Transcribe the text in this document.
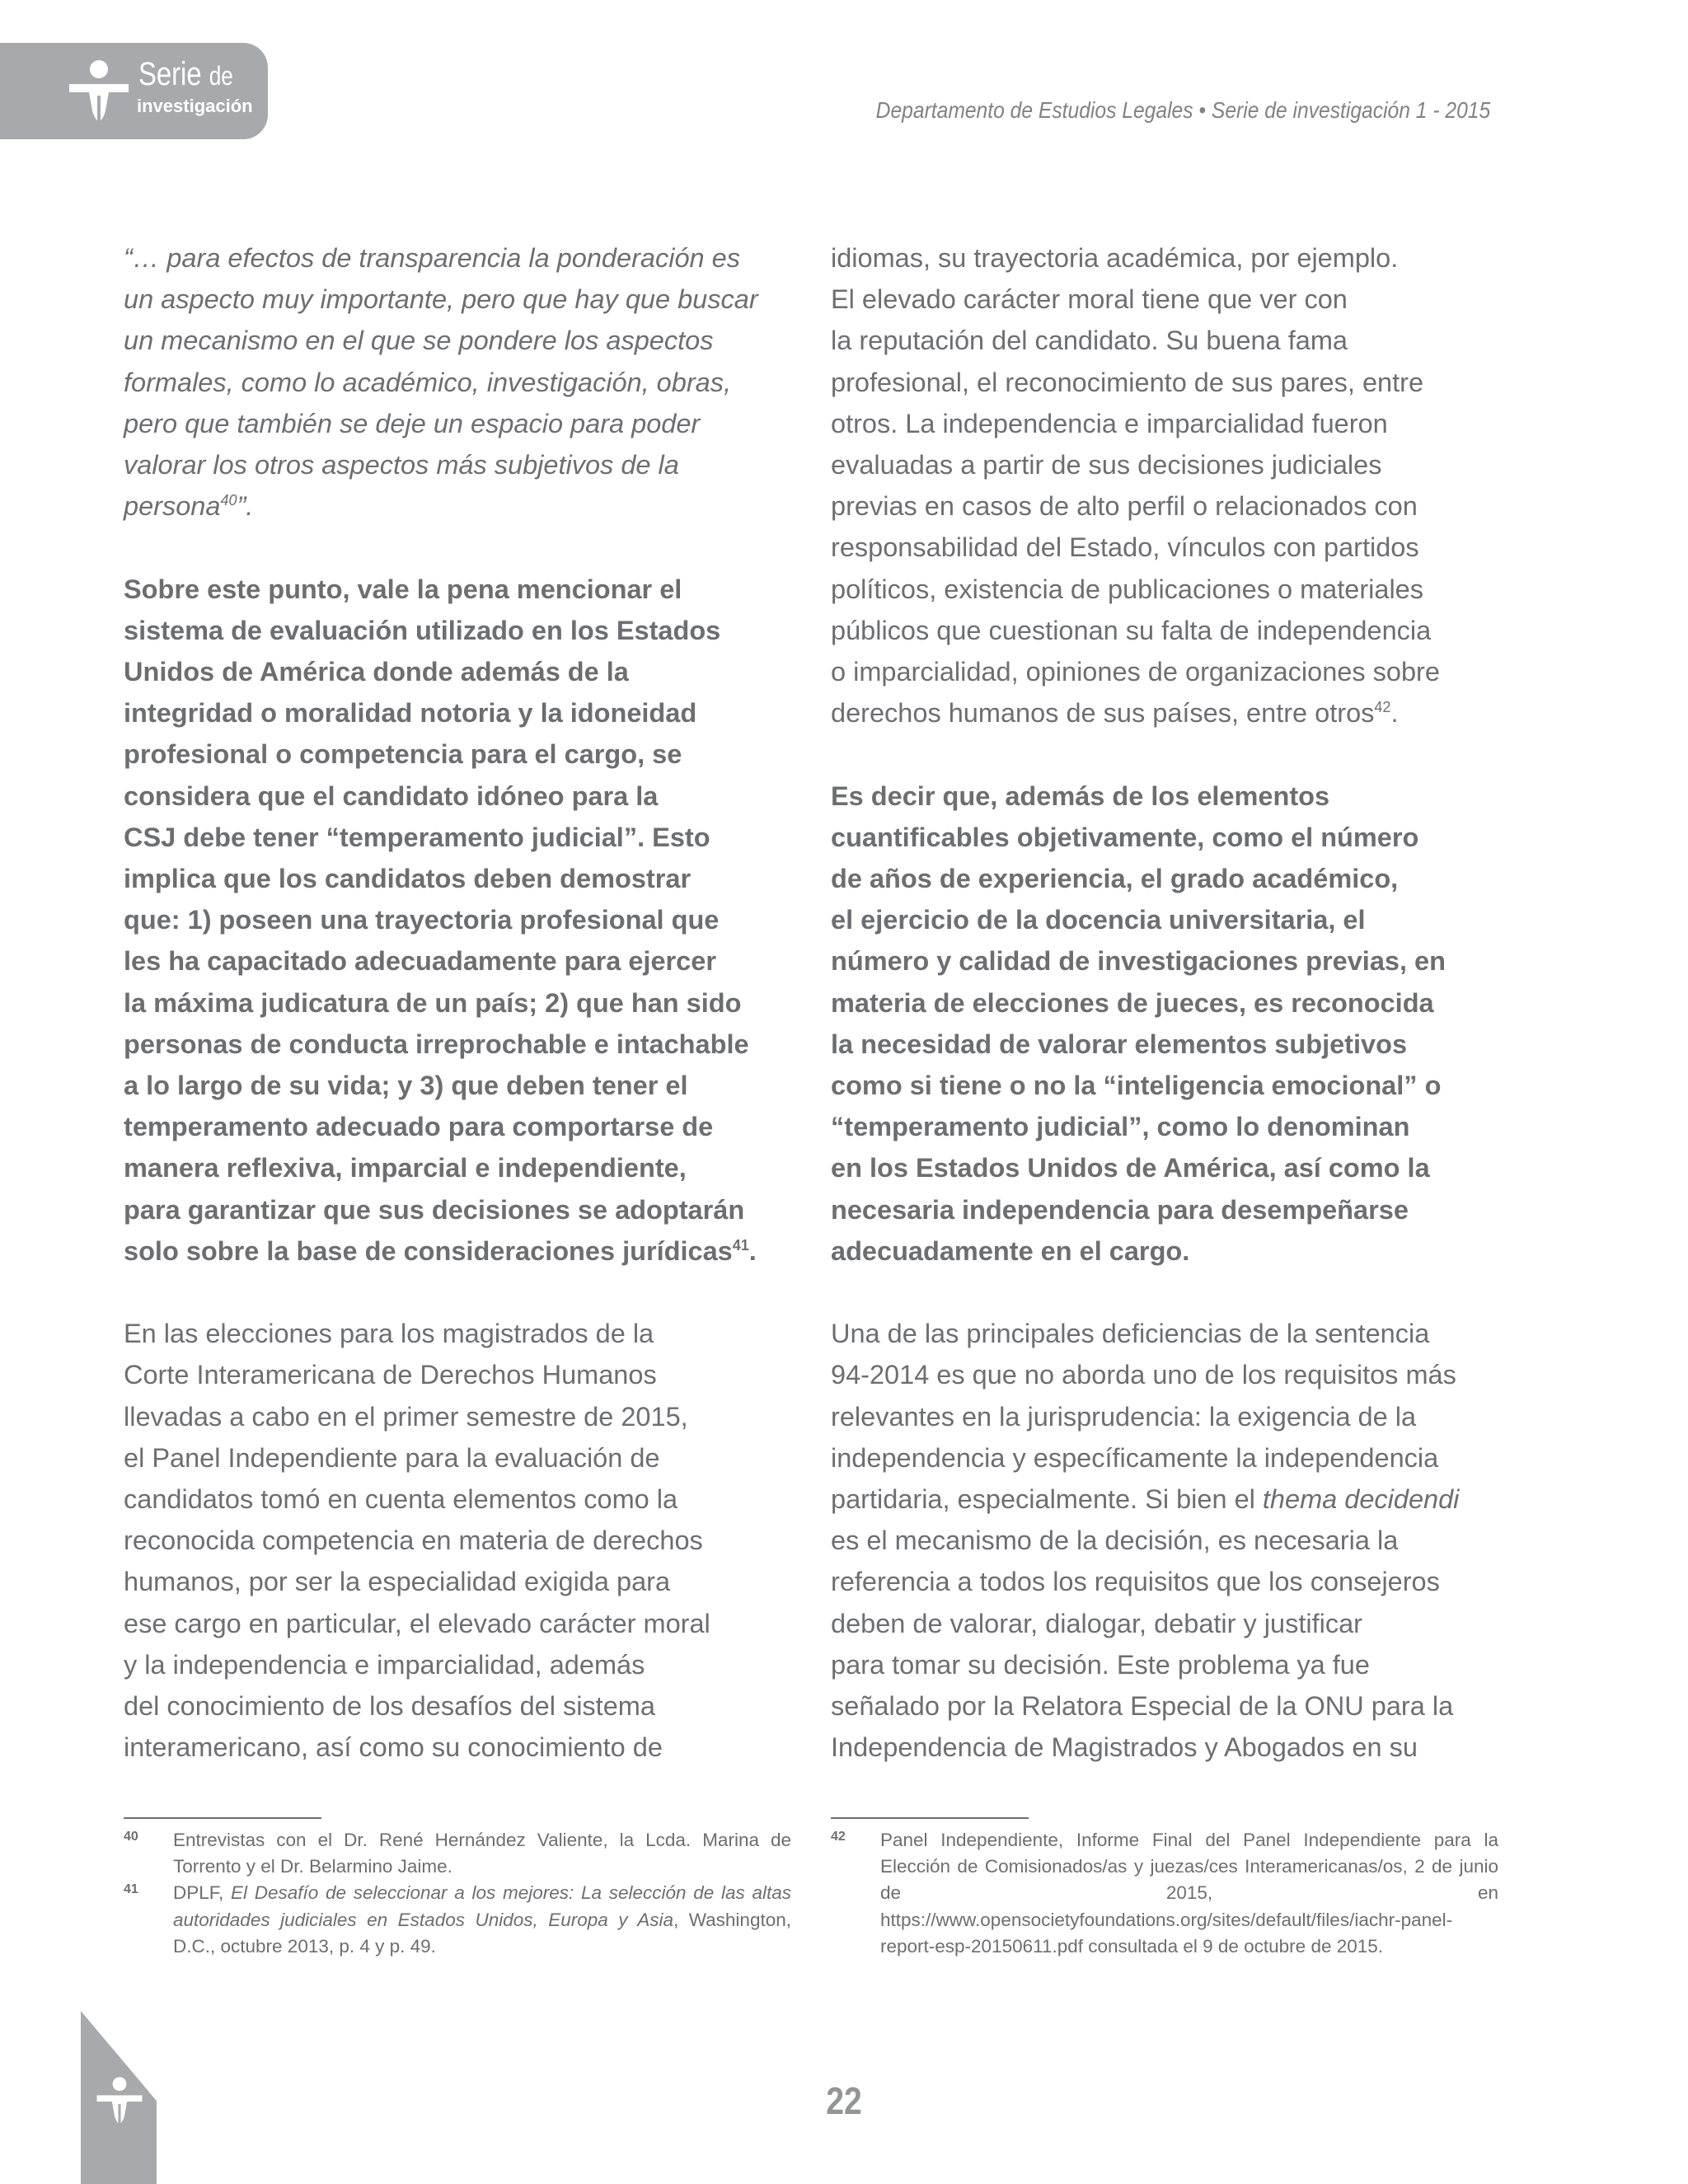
Serie de
investigación	Departamento de Estudios Legales • Serie de investigación 1 - 2015

“… para efectos de transparencia la ponderación es
un aspecto muy importante, pero que hay que buscar
un mecanismo en el que se pondere los aspectos
formales, como lo académico, investigación, obras,
pero que también se deje un espacio para poder
valorar los otros aspectos más subjetivos de la
persona$^{40}$”.

Sobre este punto, vale la pena mencionar el
sistema de evaluación utilizado en los Estados
Unidos de América donde además de la
integridad o moralidad notoria y la idoneidad
profesional o competencia para el cargo, se
considera que el candidato idóneo para la
CSJ debe tener “temperamento judicial”. Esto
implica que los candidatos deben demostrar
que: 1) poseen una trayectoria profesional que
les ha capacitado adecuadamente para ejercer
la máxima judicatura de un país; 2) que han sido
personas de conducta irreprochable e intachable
a lo largo de su vida; y 3) que deben tener el
temperamento adecuado para comportarse de
manera reflexiva, imparcial e independiente,
para garantizar que sus decisiones se adoptarán
solo sobre la base de consideraciones jurídicas$^{41}$.

En las elecciones para los magistrados de la
Corte Interamericana de Derechos Humanos
llevadas a cabo en el primer semestre de 2015,
el Panel Independiente para la evaluación de
candidatos tomó en cuenta elementos como la
reconocida competencia en materia de derechos
humanos, por ser la especialidad exigida para
ese cargo en particular, el elevado carácter moral
y la independencia e imparcialidad, además
del conocimiento de los desafíos del sistema
interamericano, así como su conocimiento de

idiomas, su trayectoria académica, por ejemplo.
El elevado carácter moral tiene que ver con
la reputación del candidato. Su buena fama
profesional, el reconocimiento de sus pares, entre
otros. La independencia e imparcialidad fueron
evaluadas a partir de sus decisiones judiciales
previas en casos de alto perfil o relacionados con
responsabilidad del Estado, vínculos con partidos
políticos, existencia de publicaciones o materiales
públicos que cuestionan su falta de independencia
o imparcialidad, opiniones de organizaciones sobre
derechos humanos de sus países, entre otros$^{42}$.

Es decir que, además de los elementos
cuantificables objetivamente, como el número
de años de experiencia, el grado académico,
el ejercicio de la docencia universitaria, el
número y calidad de investigaciones previas, en
materia de elecciones de jueces, es reconocida
la necesidad de valorar elementos subjetivos
como si tiene o no la “inteligencia emocional” o
“temperamento judicial”, como lo denominan
en los Estados Unidos de América, así como la
necesaria independencia para desempeñarse
adecuadamente en el cargo.

Una de las principales deficiencias de la sentencia
94-2014 es que no aborda uno de los requisitos más
relevantes en la jurisprudencia: la exigencia de la
independencia y específicamente la independencia
partidaria, especialmente. Si bien el thema decidendi
es el mecanismo de la decisión, es necesaria la
referencia a todos los requisitos que los consejeros
deben de valorar, dialogar, debatir y justificar
para tomar su decisión. Este problema ya fue
señalado por la Relatora Especial de la ONU para la
Independencia de Magistrados y Abogados en su

40	Entrevistas con el Dr. René Hernández Valiente, la Lcda. Marina de Torrento y el Dr. Belarmino Jaime.
41	DPLF, El Desafío de seleccionar a los mejores: La selección de las altas autoridades judiciales en Estados Unidos, Europa y Asia, Washington, D.C., octubre 2013, p. 4 y p. 49.
42	Panel Independiente, Informe Final del Panel Independiente para la Elección de Comisionados/as y juezas/ces Interamericanas/os, 2 de junio de 2015, en https://www.opensocietyfoundations.org/sites/default/files/iachr-panel-report-esp-20150611.pdf consultada el 9 de octubre de 2015.
22
